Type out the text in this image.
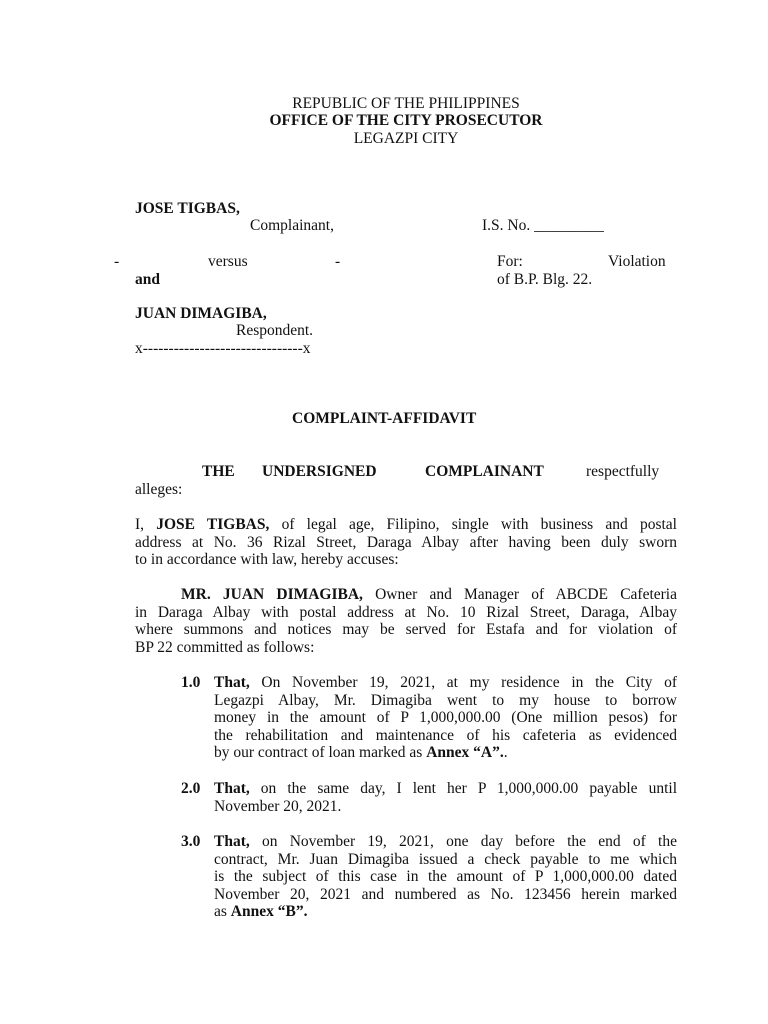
REPUBLIC OF THE PHILIPPINES
OFFICE OF THE CITY PROSECUTOR
LEGAZPI CITY
JOSE TIGBAS,
Complainant,	I.S. No. _________
-	versus	-
and
For:	Violation
of B.P. Blg. 22.
JUAN DIMAGIBA,
Respondent.
x-------------------------------x
COMPLAINT-AFFIDAVIT
THE UNDERSIGNED	COMPLAINANT	respectfully
alleges:
I, JOSE TIGBAS, of legal age, Filipino, single with business and postal
address at No. 36 Rizal Street, Daraga Albay after having been duly sworn
to in accordance with law, hereby accuses:
MR. JUAN DIMAGIBA, Owner and Manager of ABCDE Cafeteria
in Daraga Albay with postal address at No. 10 Rizal Street, Daraga, Albay
where summons and notices may be served for Estafa and for violation of
BP 22 committed as follows:
1.0 That, On November 19, 2021, at my residence in the City of
Legazpi Albay, Mr. Dimagiba went to my house to borrow
money in the amount of P 1,000,000.00 (One million pesos) for
the rehabilitation and maintenance of his cafeteria as evidenced
by our contract of loan marked as Annex “A”..
2.0 That, on the same day, I lent her P 1,000,000.00 payable until
November 20, 2021.
3.0 That, on November 19, 2021, one day before the end of the
contract, Mr. Juan Dimagiba issued a check payable to me which
is the subject of this case in the amount of P 1,000,000.00 dated
November 20, 2021 and numbered as No. 123456 herein marked
as Annex “B”.
